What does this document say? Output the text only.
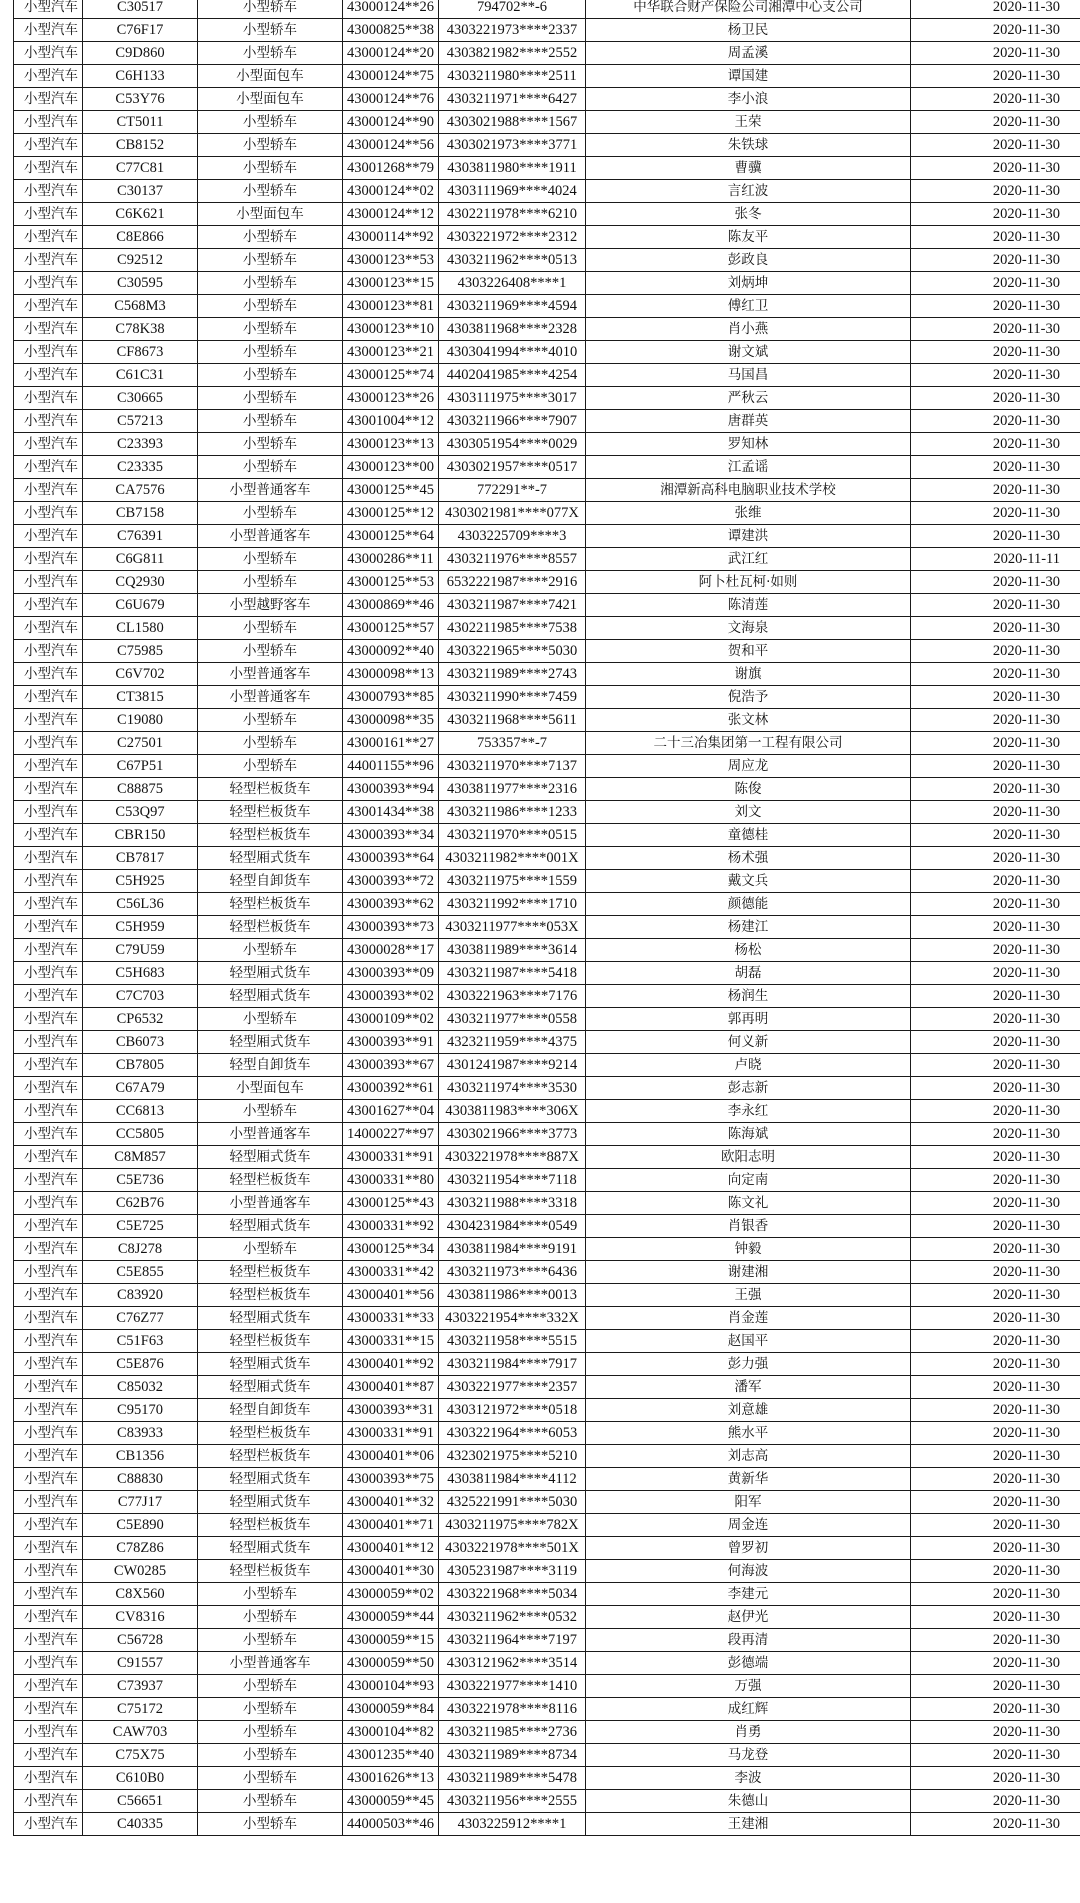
小型汽车	C30517	小型轿车	43000124**26	794702**-6	中华联合财产保险公司湘潭中心支公司	2020-11-30
小型汽车	C76F17	小型轿车	43000825**38	4303221973****2337	杨卫民	2020-11-30
小型汽车	C9D860	小型轿车	43000124**20	4303821982****2552	周孟溪	2020-11-30
小型汽车	C6H133	小型面包车	43000124**75	4303211980****2511	谭国建	2020-11-30
小型汽车	C53Y76	小型面包车	43000124**76	4303211971****6427	李小浪	2020-11-30
小型汽车	CT5011	小型轿车	43000124**90	4303021988****1567	王荣	2020-11-30
小型汽车	CB8152	小型轿车	43000124**56	4303021973****3771	朱铁球	2020-11-30
小型汽车	C77C81	小型轿车	43001268**79	4303811980****1911	曹骥	2020-11-30
小型汽车	C30137	小型轿车	43000124**02	4303111969****4024	言红波	2020-11-30
小型汽车	C6K621	小型面包车	43000124**12	4302211978****6210	张冬	2020-11-30
小型汽车	C8E866	小型轿车	43000114**92	4303221972****2312	陈友平	2020-11-30
小型汽车	C92512	小型轿车	43000123**53	4303211962****0513	彭政良	2020-11-30
小型汽车	C30595	小型轿车	43000123**15	4303226408****1	刘炳坤	2020-11-30
小型汽车	C568M3	小型轿车	43000123**81	4303211969****4594	傅红卫	2020-11-30
小型汽车	C78K38	小型轿车	43000123**10	4303811968****2328	肖小燕	2020-11-30
小型汽车	CF8673	小型轿车	43000123**21	4303041994****4010	谢文斌	2020-11-30
小型汽车	C61C31	小型轿车	43000125**74	4402041985****4254	马国昌	2020-11-30
小型汽车	C30665	小型轿车	43000123**26	4303111975****3017	严秋云	2020-11-30
小型汽车	C57213	小型轿车	43001004**12	4303211966****7907	唐群英	2020-11-30
小型汽车	C23393	小型轿车	43000123**13	4303051954****0029	罗知林	2020-11-30
小型汽车	C23335	小型轿车	43000123**00	4303021957****0517	江孟谣	2020-11-30
小型汽车	CA7576	小型普通客车	43000125**45	772291**-7	湘潭新高科电脑职业技术学校	2020-11-30
小型汽车	CB7158	小型轿车	43000125**12	4303021981****077X	张维	2020-11-30
小型汽车	C76391	小型普通客车	43000125**64	4303225709****3	谭建洪	2020-11-30
小型汽车	C6G811	小型轿车	43000286**11	4303211976****8557	武江红	2020-11-11
小型汽车	CQ2930	小型轿车	43000125**53	6532221987****2916	阿卜杜瓦柯·如则	2020-11-30
小型汽车	C6U679	小型越野客车	43000869**46	4303211987****7421	陈清莲	2020-11-30
小型汽车	CL1580	小型轿车	43000125**57	4302211985****7538	文海泉	2020-11-30
小型汽车	C75985	小型轿车	43000092**40	4303221965****5030	贺和平	2020-11-30
小型汽车	C6V702	小型普通客车	43000098**13	4303211989****2743	谢旗	2020-11-30
小型汽车	CT3815	小型普通客车	43000793**85	4303211990****7459	倪浩予	2020-11-30
小型汽车	C19080	小型轿车	43000098**35	4303211968****5611	张文林	2020-11-30
小型汽车	C27501	小型轿车	43000161**27	753357**-7	二十三冶集团第一工程有限公司	2020-11-30
小型汽车	C67P51	小型轿车	44001155**96	4303211970****7137	周应龙	2020-11-30
小型汽车	C88875	轻型栏板货车	43000393**94	4303811977****2316	陈俊	2020-11-30
小型汽车	C53Q97	轻型栏板货车	43001434**38	4303211986****1233	刘文	2020-11-30
小型汽车	CBR150	轻型栏板货车	43000393**34	4303211970****0515	童德桂	2020-11-30
小型汽车	CB7817	轻型厢式货车	43000393**64	4303211982****001X	杨术强	2020-11-30
小型汽车	C5H925	轻型自卸货车	43000393**72	4303211975****1559	戴文兵	2020-11-30
小型汽车	C56L36	轻型栏板货车	43000393**62	4303211992****1710	颜德能	2020-11-30
小型汽车	C5H959	轻型栏板货车	43000393**73	4303211977****053X	杨建江	2020-11-30
小型汽车	C79U59	小型轿车	43000028**17	4303811989****3614	杨松	2020-11-30
小型汽车	C5H683	轻型厢式货车	43000393**09	4303211987****5418	胡磊	2020-11-30
小型汽车	C7C703	轻型厢式货车	43000393**02	4303221963****7176	杨润生	2020-11-30
小型汽车	CP6532	小型轿车	43000109**02	4303211977****0558	郭再明	2020-11-30
小型汽车	CB6073	轻型厢式货车	43000393**91	4323211959****4375	何义新	2020-11-30
小型汽车	CB7805	轻型自卸货车	43000393**67	4301241987****9214	卢晓	2020-11-30
小型汽车	C67A79	小型面包车	43000392**61	4303211974****3530	彭志新	2020-11-30
小型汽车	CC6813	小型轿车	43001627**04	4303811983****306X	李永红	2020-11-30
小型汽车	CC5805	小型普通客车	14000227**97	4303021966****3773	陈海斌	2020-11-30
小型汽车	C8M857	轻型厢式货车	43000331**91	4303221978****887X	欧阳志明	2020-11-30
小型汽车	C5E736	轻型栏板货车	43000331**80	4303211954****7118	向定南	2020-11-30
小型汽车	C62B76	小型普通客车	43000125**43	4303211988****3318	陈文礼	2020-11-30
小型汽车	C5E725	轻型厢式货车	43000331**92	4304231984****0549	肖银香	2020-11-30
小型汽车	C8J278	小型轿车	43000125**34	4303811984****9191	钟毅	2020-11-30
小型汽车	C5E855	轻型栏板货车	43000331**42	4303211973****6436	谢建湘	2020-11-30
小型汽车	C83920	轻型栏板货车	43000401**56	4303811986****0013	王强	2020-11-30
小型汽车	C76Z77	轻型厢式货车	43000331**33	4303221954****332X	肖金莲	2020-11-30
小型汽车	C51F63	轻型栏板货车	43000331**15	4303211958****5515	赵国平	2020-11-30
小型汽车	C5E876	轻型厢式货车	43000401**92	4303211984****7917	彭力强	2020-11-30
小型汽车	C85032	轻型厢式货车	43000401**87	4303221977****2357	潘军	2020-11-30
小型汽车	C95170	轻型自卸货车	43000393**31	4303121972****0518	刘意雄	2020-11-30
小型汽车	C83933	轻型栏板货车	43000331**91	4303221964****6053	熊水平	2020-11-30
小型汽车	CB1356	轻型栏板货车	43000401**06	4323021975****5210	刘志高	2020-11-30
小型汽车	C88830	轻型厢式货车	43000393**75	4303811984****4112	黄新华	2020-11-30
小型汽车	C77J17	轻型厢式货车	43000401**32	4325221991****5030	阳军	2020-11-30
小型汽车	C5E890	轻型栏板货车	43000401**71	4303211975****782X	周金连	2020-11-30
小型汽车	C78Z86	轻型厢式货车	43000401**12	4303221978****501X	曾罗初	2020-11-30
小型汽车	CW0285	轻型栏板货车	43000401**30	4305231987****3119	何海波	2020-11-30
小型汽车	C8X560	小型轿车	43000059**02	4303221968****5034	李建元	2020-11-30
小型汽车	CV8316	小型轿车	43000059**44	4303211962****0532	赵伊光	2020-11-30
小型汽车	C56728	小型轿车	43000059**15	4303211964****7197	段再清	2020-11-30
小型汽车	C91557	小型普通客车	43000059**50	4303121962****3514	彭德端	2020-11-30
小型汽车	C73937	小型轿车	43000104**93	4303221977****1410	万强	2020-11-30
小型汽车	C75172	小型轿车	43000059**84	4303221978****8116	成红辉	2020-11-30
小型汽车	CAW703	小型轿车	43000104**82	4303211985****2736	肖勇	2020-11-30
小型汽车	C75X75	小型轿车	43001235**40	4303211989****8734	马龙登	2020-11-30
小型汽车	C610B0	小型轿车	43001626**13	4303211989****5478	李波	2020-11-30
小型汽车	C56651	小型轿车	43000059**45	4303211956****2555	朱德山	2020-11-30
小型汽车	C40335	小型轿车	44000503**46	4303225912****1	王建湘	2020-11-30
